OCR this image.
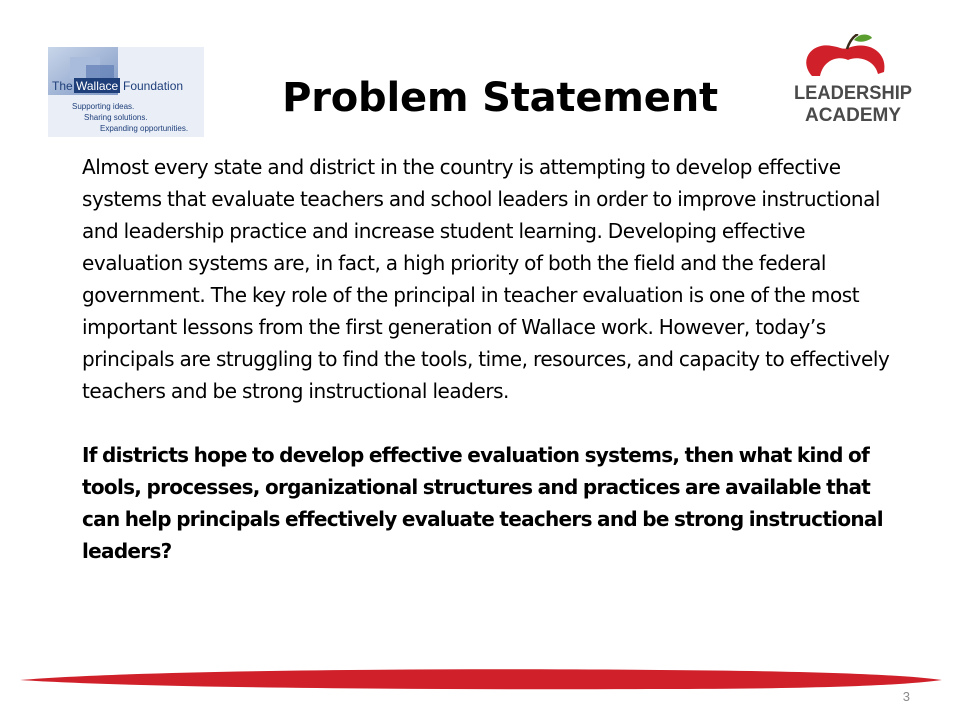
The Wallace Foundation
Supporting ideas.
Sharing solutions.
Expanding opportunities.
NYC
LEADERSHIP
ACADEMY
Problem Statement

Almost every state and district in the country is attempting to develop effective systems that evaluate teachers and school leaders in order to improve instructional and leadership practice and increase student learning. Developing effective evaluation systems are, in fact, a high priority of both the field and the federal government. The key role of the principal in teacher evaluation is one of the most important lessons from the first generation of Wallace work. However, today’s principals are struggling to find the tools, time, resources, and capacity to effectively teachers and be strong instructional leaders.

If districts hope to develop effective evaluation systems, then what kind of tools, processes, organizational structures and practices are available that can help principals effectively evaluate teachers and be strong instructional leaders?

3
